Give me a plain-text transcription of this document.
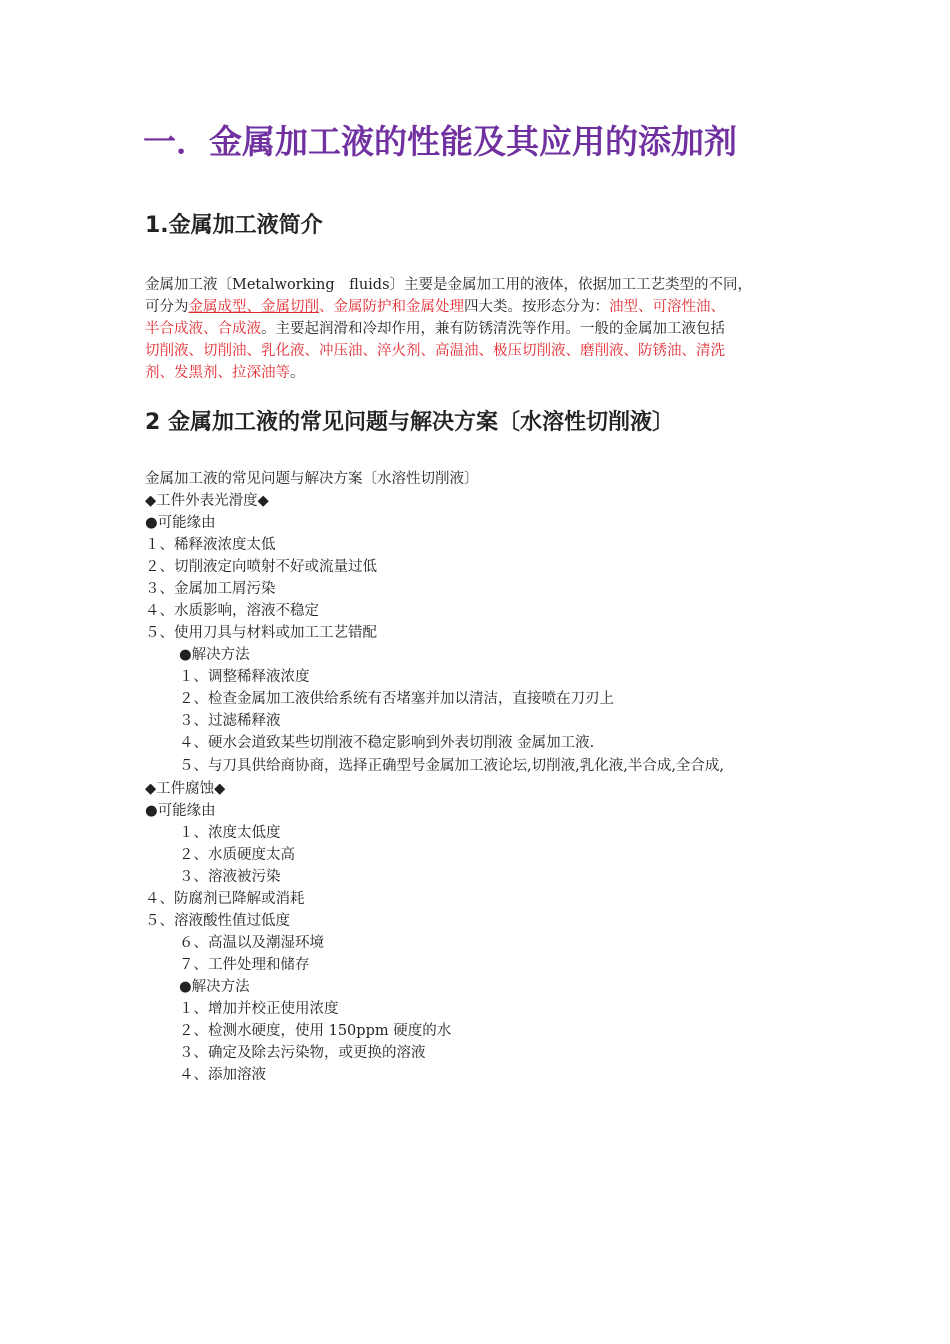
一．金属加工液的性能及其应用的添加剂
1.金属加工液简介
金属加工液〔Metalworking　fluids〕主要是金属加工用的液体，依据加工工艺类型的不同，
可分为金属成型、金属切削、金属防护和金属处理四大类。按形态分为：油型、可溶性油、
半合成液、合成液。主要起润滑和冷却作用，兼有防锈清洗等作用。一般的金属加工液包括
切削液、切削油、乳化液、冲压油、淬火剂、高温油、极压切削液、磨削液、防锈油、清洗
剂、发黑剂、拉深油等。
2 金属加工液的常见问题与解决方案〔水溶性切削液〕
金属加工液的常见问题与解决方案〔水溶性切削液〕
◆工件外表光滑度◆
●可能缘由
１、稀释液浓度太低
２、切削液定向喷射不好或流量过低
３、金属加工屑污染
４、水质影响，溶液不稳定
５、使用刀具与材料或加工工艺错配
●解决方法
１、调整稀释液浓度
２、检查金属加工液供给系统有否堵塞并加以清洁，直接喷在刀刃上
３、过滤稀释液
４、硬水会道致某些切削液不稳定影响到外表切削液 金属加工液.
５、与刀具供给商协商，选择正确型号金属加工液论坛,切削液,乳化液,半合成,全合成,
◆工件腐蚀◆
●可能缘由
１、浓度太低度
２、水质硬度太高
３、溶液被污染
４、防腐剂已降解或消耗
５、溶液酸性值过低度
６、高温以及潮湿环境
７、工件处理和储存
●解决方法
１、增加并校正使用浓度
２、检测水硬度，使用 150ppm 硬度的水
３、确定及除去污染物，或更换的溶液
４、添加溶液
